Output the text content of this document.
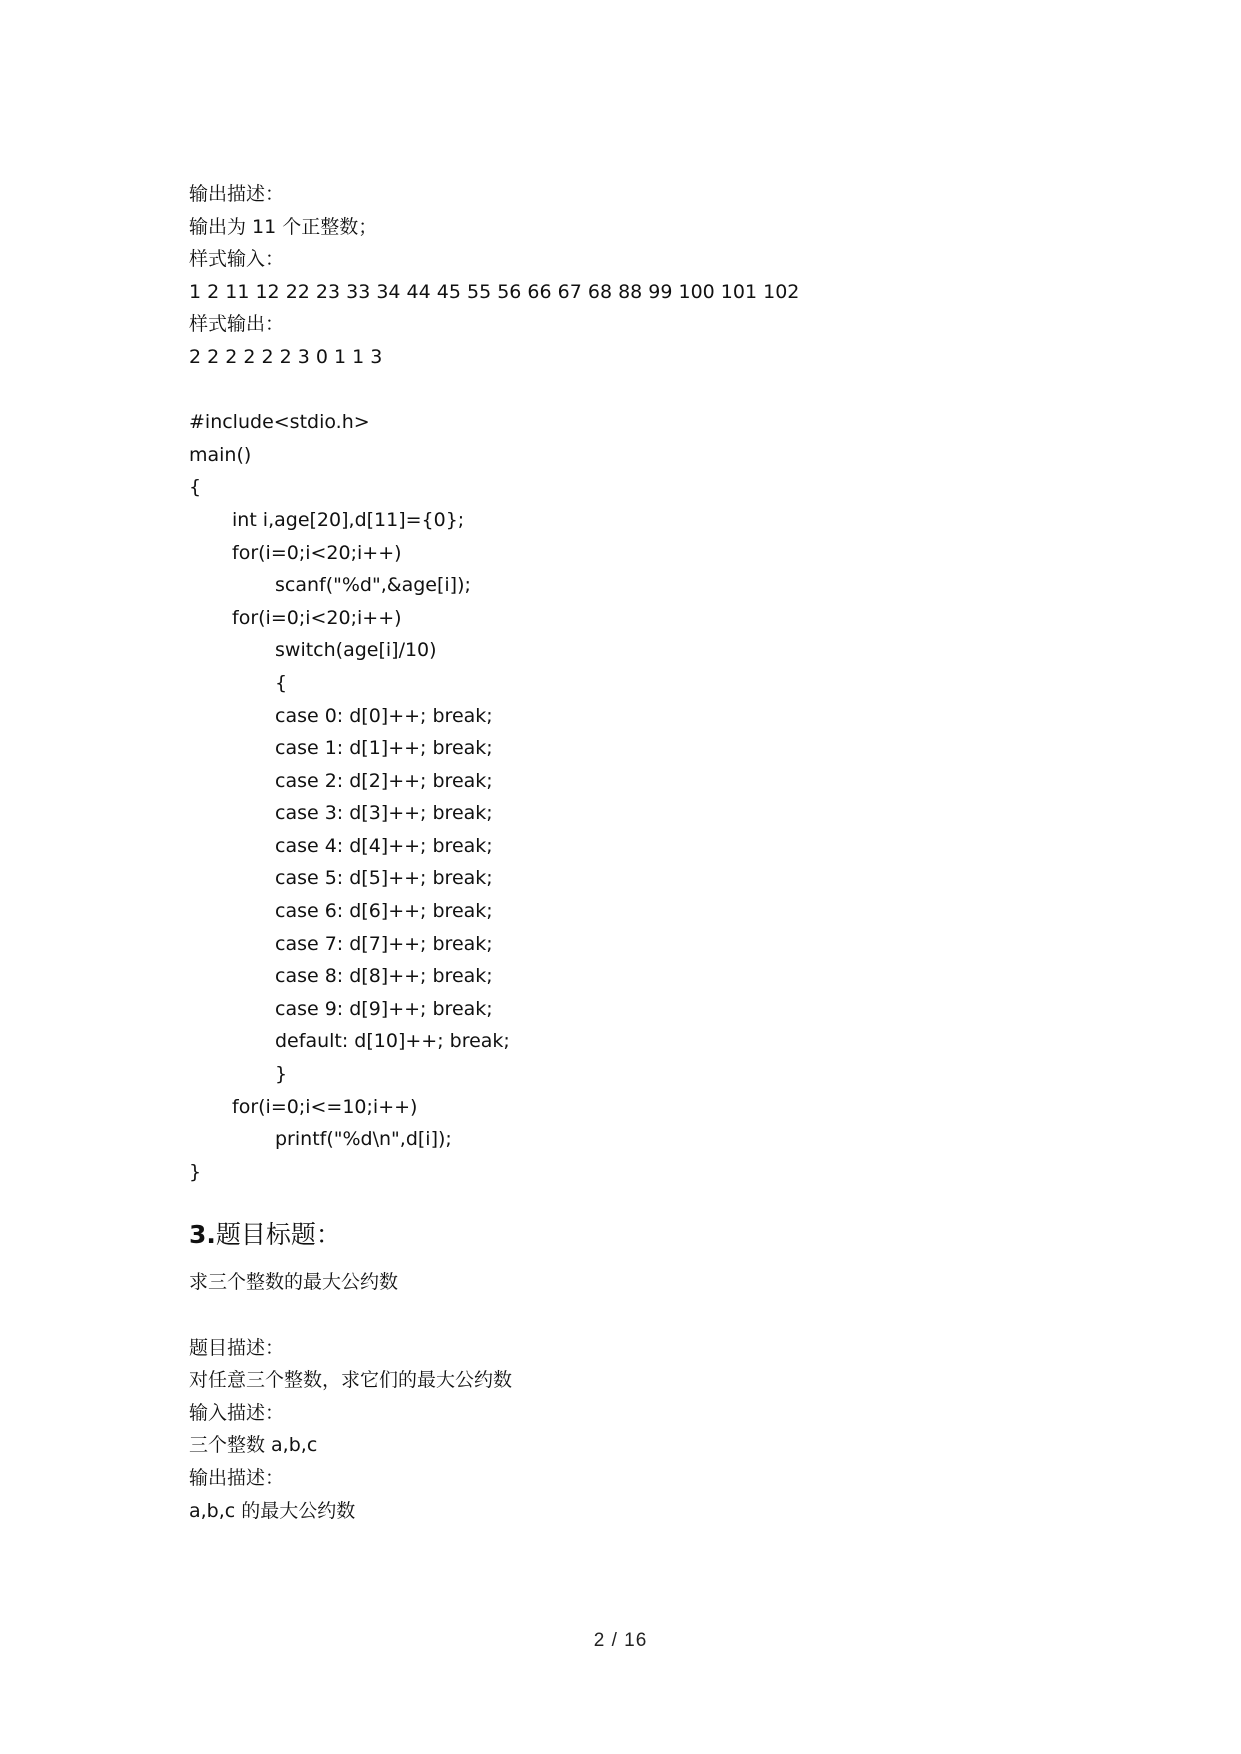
输出描述：
输出为 11 个正整数；
样式输入：
1 2 11 12 22 23 33 34 44 45 55 56 66 67 68 88 99 100 101 102
样式输出：
2 2 2 2 2 2 3 0 1 1 3
#include<stdio.h>
main()
{
int i,age[20],d[11]={0};
for(i=0;i<20;i++)
scanf("%d",&age[i]);
for(i=0;i<20;i++)
switch(age[i]/10)
{
case 0: d[0]++; break;
case 1: d[1]++; break;
case 2: d[2]++; break;
case 3: d[3]++; break;
case 4: d[4]++; break;
case 5: d[5]++; break;
case 6: d[6]++; break;
case 7: d[7]++; break;
case 8: d[8]++; break;
case 9: d[9]++; break;
default: d[10]++; break;
}
for(i=0;i<=10;i++)
printf("%d\n",d[i]);
}
3.题目标题：
求三个整数的最大公约数
题目描述：
对任意三个整数，求它们的最大公约数
输入描述：
三个整数 a,b,c
输出描述：
a,b,c 的最大公约数
2 / 16
